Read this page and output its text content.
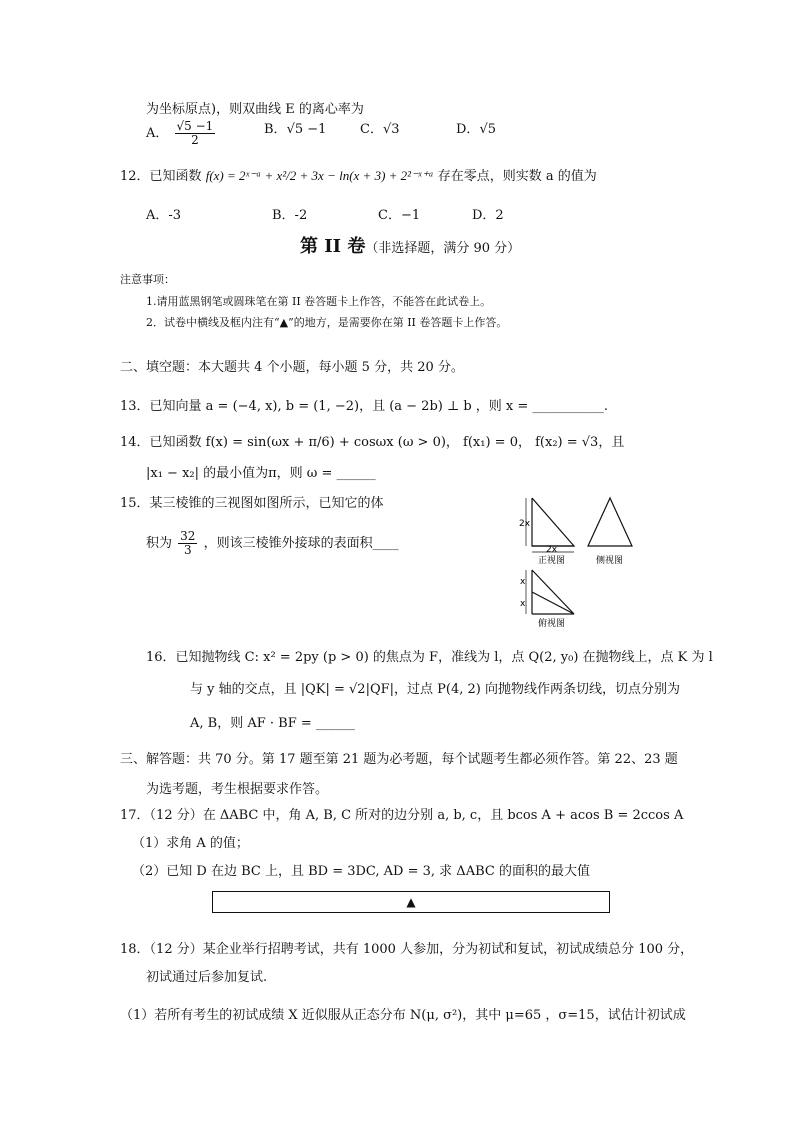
为坐标原点)，则双曲线 E 的离心率为
A． $\frac{√5 -1}{2}$	B．√5 −1	C．√3	D．√5
12．已知函数 f(x) = 2ˣ⁻ᵃ + x²/2 + 3x − ln(x + 3) + 2²⁻ˣ⁺ᵃ 存在零点，则实数 a 的值为
A．-3	B．-2	C．−1	D．2
第 II 卷（非选择题，满分 90 分）
注意事项：
1.请用蓝黑钢笔或圆珠笔在第 II 卷答题卡上作答，不能答在此试卷上。
2．试卷中横线及框内注有“▲”的地方，是需要你在第 II 卷答题卡上作答。
二、填空题：本大题共 4 个小题，每小题 5 分，共 20 分。
13．已知向量 a = (−4, x), b = (1, −2)，且 (a − 2b) ⊥ b ，则 x = ___________.
14．已知函数 f(x) = sin(ωx + π/6) + cosωx (ω > 0)， f(x₁) = 0， f(x₂) = √3，且
|x₁ − x₂| 的最小值为π，则 ω = ______
15．某三棱锥的三视图如图所示，已知它的体
积为 $\frac{32}{3}$ ，则该三棱锥外接球的表面积____
2x
2x
正视图	侧视图
x
x
俯视图
16．已知抛物线 C: x² = 2py (p > 0) 的焦点为 F，准线为 l，点 Q(2, y₀) 在抛物线上，点 K 为 l
与 y 轴的交点，且 |QK| = √2|QF|，过点 P(4, 2) 向抛物线作两条切线，切点分别为
A, B，则 AF · BF = ______
三、解答题：共 70 分。第 17 题至第 21 题为必考题，每个试题考生都必须作答。第 22、23 题
为选考题，考生根据要求作答。
17．（12 分）在 ΔABC 中，角 A, B, C 所对的边分别 a, b, c，且 bcos A + acos B = 2ccos A
（1）求角 A 的值；
（2）已知 D 在边 BC 上，且 BD = 3DC, AD = 3, 求 ΔABC 的面积的最大值
▲
18．（12 分）某企业举行招聘考试，共有 1000 人参加，分为初试和复试，初试成绩总分 100 分，
初试通过后参加复试.
（1）若所有考生的初试成绩 X 近似服从正态分布 N(μ, σ²)，其中 μ=65 ，σ=15，试估计初试成
